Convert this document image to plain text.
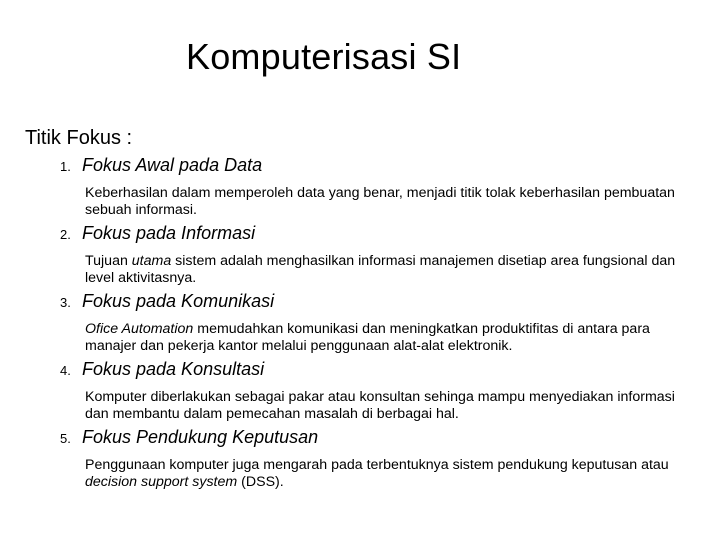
Komputerisasi SI
Titik Fokus :
1. Fokus Awal pada Data
Keberhasilan dalam memperoleh data yang benar, menjadi titik tolak keberhasilan pembuatan sebuah informasi.
2. Fokus pada Informasi
Tujuan utama sistem adalah menghasilkan informasi manajemen disetiap area fungsional dan level aktivitasnya.
3. Fokus pada Komunikasi
Ofice Automation memudahkan komunikasi dan meningkatkan produktifitas di antara para manajer dan pekerja kantor melalui penggunaan alat-alat elektronik.
4. Fokus pada Konsultasi
Komputer diberlakukan sebagai pakar atau konsultan sehinga mampu menyediakan informasi dan membantu dalam pemecahan masalah di berbagai hal.
5. Fokus Pendukung Keputusan
Penggunaan komputer juga mengarah pada terbentuknya sistem pendukung keputusan atau decision support system (DSS).
